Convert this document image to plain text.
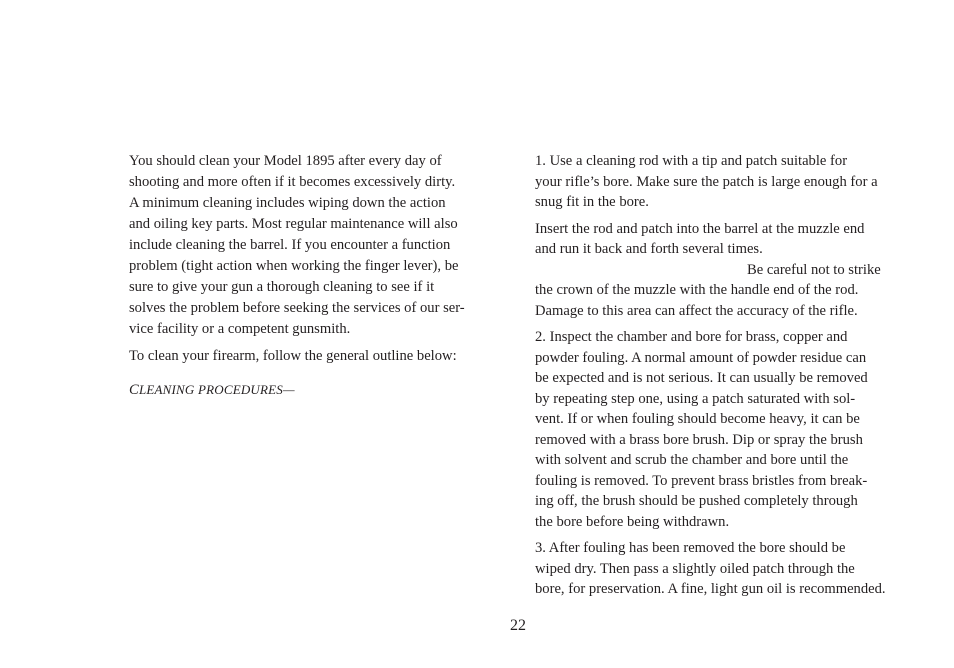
You should clean your Model 1895 after every day of
shooting and more often if it becomes excessively dirty.
A minimum cleaning includes wiping down the action
and oiling key parts. Most regular maintenance will also
include cleaning the barrel. If you encounter a function
problem (tight action when working the finger lever), be
sure to give your gun a thorough cleaning to see if it
solves the problem before seeking the services of our ser-
vice facility or a competent gunsmith.

To clean your firearm, follow the general outline below:

CLEANING PROCEDURES—

1. Use a cleaning rod with a tip and patch suitable for
your rifle’s bore. Make sure the patch is large enough for a
snug fit in the bore.

Insert the rod and patch into the barrel at the muzzle end
and run it back and forth several times.
Be careful not to strike
the crown of the muzzle with the handle end of the rod.
Damage to this area can affect the accuracy of the rifle.

2. Inspect the chamber and bore for brass, copper and
powder fouling. A normal amount of powder residue can
be expected and is not serious. It can usually be removed
by repeating step one, using a patch saturated with sol-
vent. If or when fouling should become heavy, it can be
removed with a brass bore brush. Dip or spray the brush
with solvent and scrub the chamber and bore until the
fouling is removed. To prevent brass bristles from break-
ing off, the brush should be pushed completely through
the bore before being withdrawn.

3. After fouling has been removed the bore should be
wiped dry. Then pass a slightly oiled patch through the
bore, for preservation. A fine, light gun oil is recommended.

22
